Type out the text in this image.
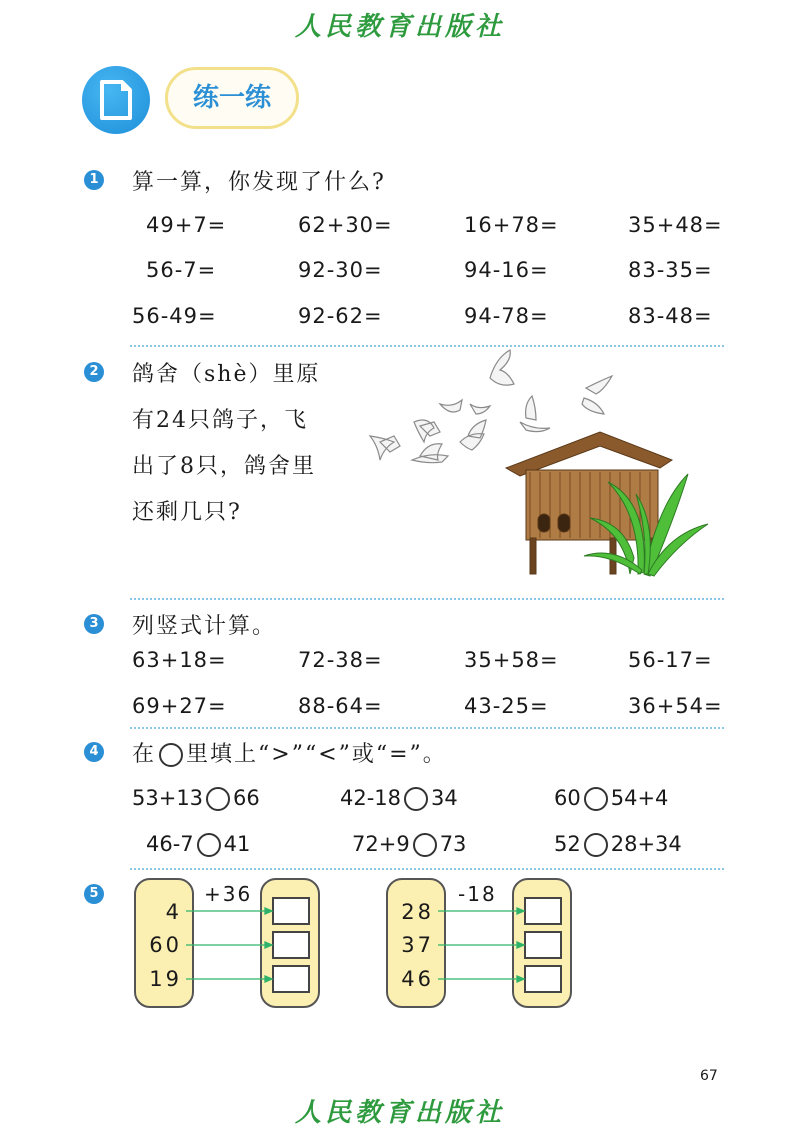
人民教育出版社
练一练
1 算一算，你发现了什么?
49+7=	62+30=	16+78=	35+48=
56-7=	92-30=	94-16=	83-35=
56-49=	92-62=	94-78=	83-48=
2 鸽舍（shè）里原
有24只鸽子，飞
出了8只，鸽舍里
还剩几只?
3 列竖式计算。
63+18=	72-38=	35+58=	56-17=
69+27=	88-64=	43-25=	36+54=
4 在 里填上“>”“<”或“=”。
53+13 66	42-18 34	60 54+4
46-7 41	72+9 73	52 28+34
5
4
60
19
+36
28
37
46
-18
67
人民教育出版社
